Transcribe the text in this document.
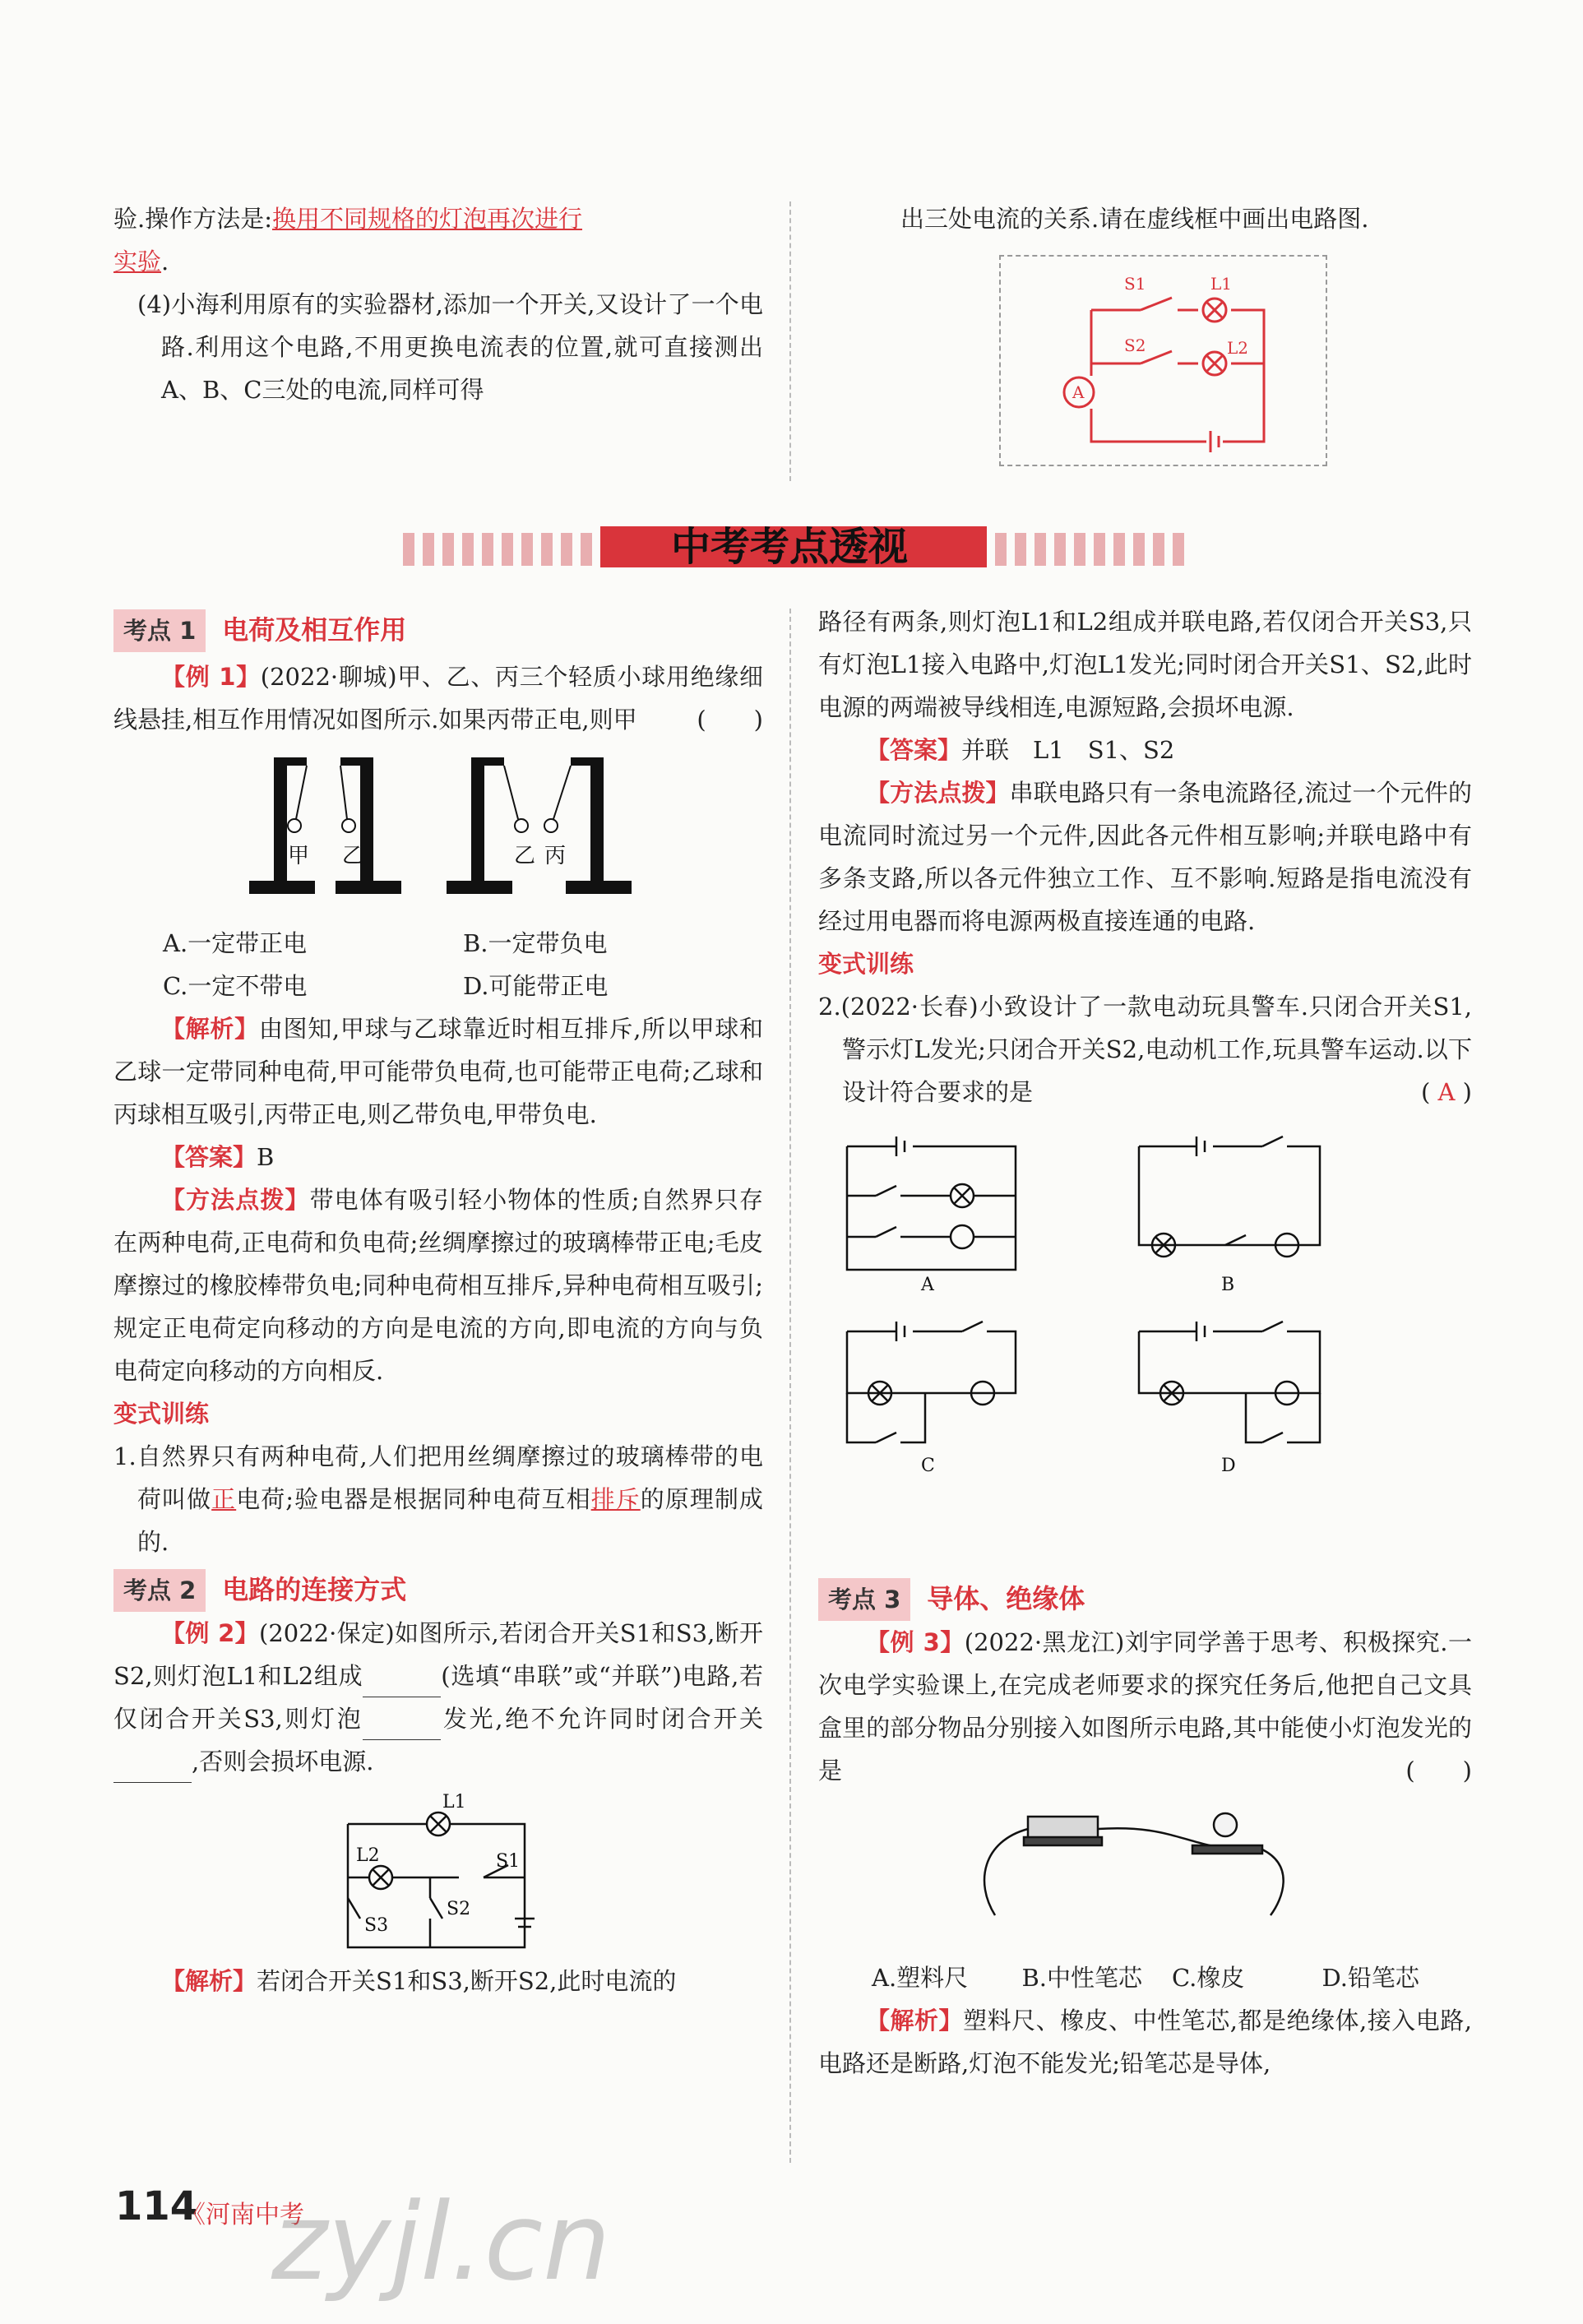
验.操作方法是:换用不同规格的灯泡再次进行

实验.

(4)小海利用原有的实验器材,添加一个开关,又设计了一个电路.利用这个电路,不用更换电流表的位置,就可直接测出A、B、C三处的电流,同样可得

出三处电流的关系.请在虚线框中画出电路图.

S1	L1
S2	L2
A
中考考点透视

考点 1 电荷及相互作用

【例 1】(2022·聊城)甲、乙、丙三个轻质小球用绝缘细线悬挂,相互作用情况如图所示.如果丙带正电,则甲	(　　)

甲 乙	乙 丙
A.一定带正电	B.一定带负电
C.一定不带电	D.可能带正电

【解析】由图知,甲球与乙球靠近时相互排斥,所以甲球和乙球一定带同种电荷,甲可能带负电荷,也可能带正电荷;乙球和丙球相互吸引,丙带正电,则乙带负电,甲带负电.

【答案】B

【方法点拨】带电体有吸引轻小物体的性质;自然界只存在两种电荷,正电荷和负电荷;丝绸摩擦过的玻璃棒带正电;毛皮摩擦过的橡胶棒带负电;同种电荷相互排斥,异种电荷相互吸引;规定正电荷定向移动的方向是电流的方向,即电流的方向与负电荷定向移动的方向相反.

变式训练

1.自然界只有两种电荷,人们把用丝绸摩擦过的玻璃棒带的电荷叫做正电荷;验电器是根据同种电荷互相排斥的原理制成的.

考点 2 电路的连接方式

【例 2】(2022·保定)如图所示,若闭合开关S1和S3,断开S2,则灯泡L1和L2组成	(选填“串联”或“并联”)电路,若仅闭合开关S3,则灯泡	发光,绝不允许同时闭合开关,否则会损坏电源.

L1
L2	S1
S2
S3

【解析】若闭合开关S1和S3,断开S2,此时电流的

路径有两条,则灯泡L1和L2组成并联电路,若仅闭合开关S3,只有灯泡L1接入电路中,灯泡L1发光;同时闭合开关S1、S2,此时电源的两端被导线相连,电源短路,会损坏电源.

【答案】并联　L1　S1、S2

【方法点拨】串联电路只有一条电流路径,流过一个元件的电流同时流过另一个元件,因此各元件相互影响;并联电路中有多条支路,所以各元件独立工作、互不影响.短路是指电流没有经过用电器而将电源两极直接连通的电路.

变式训练

2.(2022·长春)小致设计了一款电动玩具警车.只闭合开关S1,警示灯L发光;只闭合开关S2,电动机工作,玩具警车运动.以下设计符合要求的是	( A )

A	B
C	D

考点 3 导体、绝缘体

【例 3】(2022·黑龙江)刘宇同学善于思考、积极探究.一次电学实验课上,在完成老师要求的探究任务后,他把自己文具盒里的部分物品分别接入如图所示电路,其中能使小灯泡发光的是	(　　)

A.塑料尺	B.中性笔芯	C.橡皮	D.铅笔芯

【解析】塑料尺、橡皮、中性笔芯,都是绝缘体,接入电路,电路还是断路,灯泡不能发光;铅笔芯是导体,

114
《河南中考
zyjl.cn
